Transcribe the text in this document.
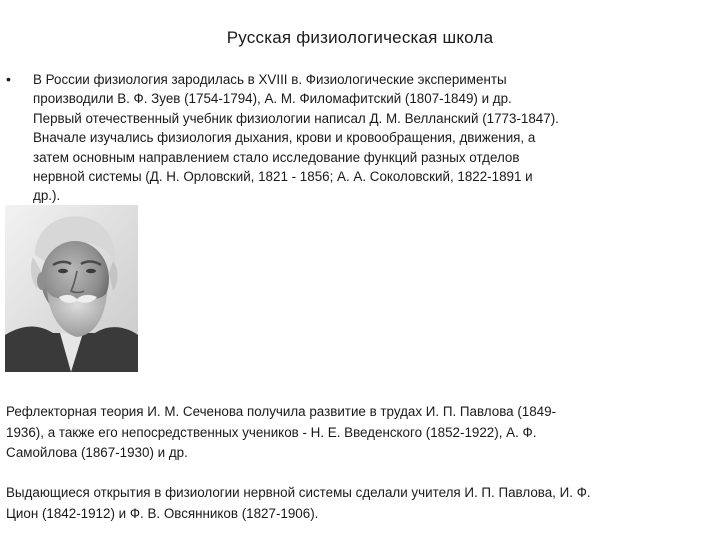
Русская физиологическая школа
• В России физиология зародилась в XVIII в. Физиологические эксперименты
производили В. Ф. Зуев (1754-1794), А. М. Филомафитский (1807-1849) и др.
Первый отечественный учебник физиологии написал Д. М. Велланский (1773-1847).
Вначале изучались физиология дыхания, крови и кровообращения, движения, а
затем основным направлением стало исследование функций разных отделов
нервной системы (Д. Н. Орловский, 1821 - 1856; А. А. Соколовский, 1822-1891 и
др.).

Рефлекторная теория И. М. Сеченова получила развитие в трудах И. П. Павлова (1849-
1936), а также его непосредственных учеников - Н. Е. Введенского (1852-1922), А. Ф.
Самойлова (1867-1930) и др.

Выдающиеся открытия в физиологии нервной системы сделали учителя И. П. Павлова, И. Ф.
Цион (1842-1912) и Ф. В. Овсянников (1827-1906).
